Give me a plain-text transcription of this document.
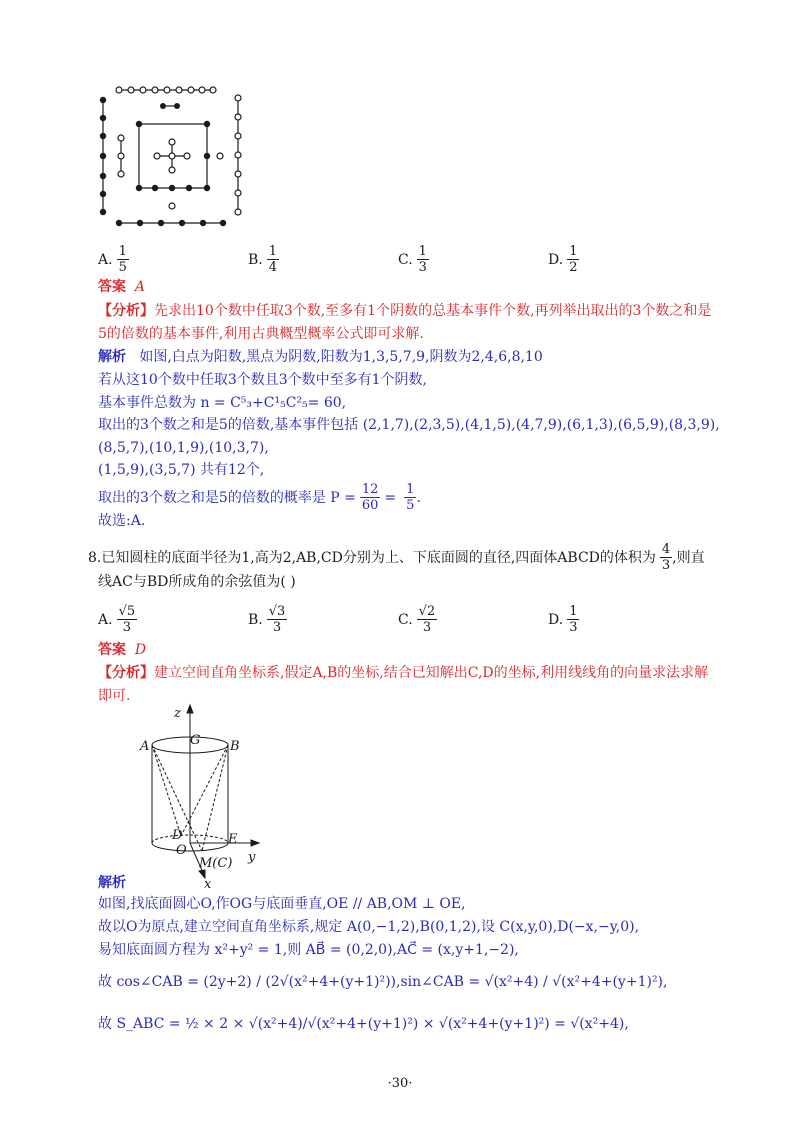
A. $\frac{1}{5}$	B. $\frac{1}{4}$	C. $\frac{1}{3}$	D. $\frac{1}{2}$
答案 A
【分析】先求出10个数中任取3个数,至多有1个阴数的总基本事件个数,再列举出取出的3个数之和是
5的倍数的基本事件,利用古典概型概率公式即可求解.
解析 如图,白点为阳数,黑点为阴数,阳数为1,3,5,7,9,阴数为2,4,6,8,10
若从这10个数中任取3个数且3个数中至多有1个阴数,
基本事件总数为 n = C⁵₃+C¹₅C²₅= 60,
取出的3个数之和是5的倍数,基本事件包括 (2,1,7),(2,3,5),(4,1,5),(4,7,9),(6,1,3),(6,5,9),(8,3,9),
(8,5,7),(10,1,9),(10,3,7),
(1,5,9),(3,5,7) 共有12个,
取出的3个数之和是5的倍数的概率是 $P = \frac{12}{60} = \frac{1}{5}$ .
故选:A.
8.已知圆柱的底面半径为1,高为2,AB,CD分别为上、下底面圆的直径,四面体ABCD的体积为 $\frac{4}{3}$ ,则直
线AC与BD所成角的余弦值为( )
A. $\frac{√5}{3}$	B. $\frac{√3}{3}$	C. $\frac{√2}{3}$	D. $\frac{1}{3}$
答案 D
【分析】建立空间直角坐标系,假定A,B的坐标,结合已知解出C,D的坐标,利用线线角的向量求法求解
即可.
z
A	G B
D
O
E
M(C) y
x
解析
如图,找底面圆心O,作OG与底面垂直,OE // AB,OM ⊥ OE,
故以O为原点,建立空间直角坐标系,规定 A(0,−1,2),B(0,1,2),设 C(x,y,0),D(−x,−y,0),
易知底面圆方程为 x²+y² = 1,则 AB⃗ = (0,2,0),AC⃗ = (x,y+1,−2),
故 cos∠CAB = (2y+2) / (2√(x²+4+(y+1)²)),sin∠CAB = √(x²+4) / √(x²+4+(y+1)²),
故 S_ABC = ½ × 2 × √(x²+4)/√(x²+4+(y+1)²) × √(x²+4+(y+1)²) = √(x²+4),
·30·
